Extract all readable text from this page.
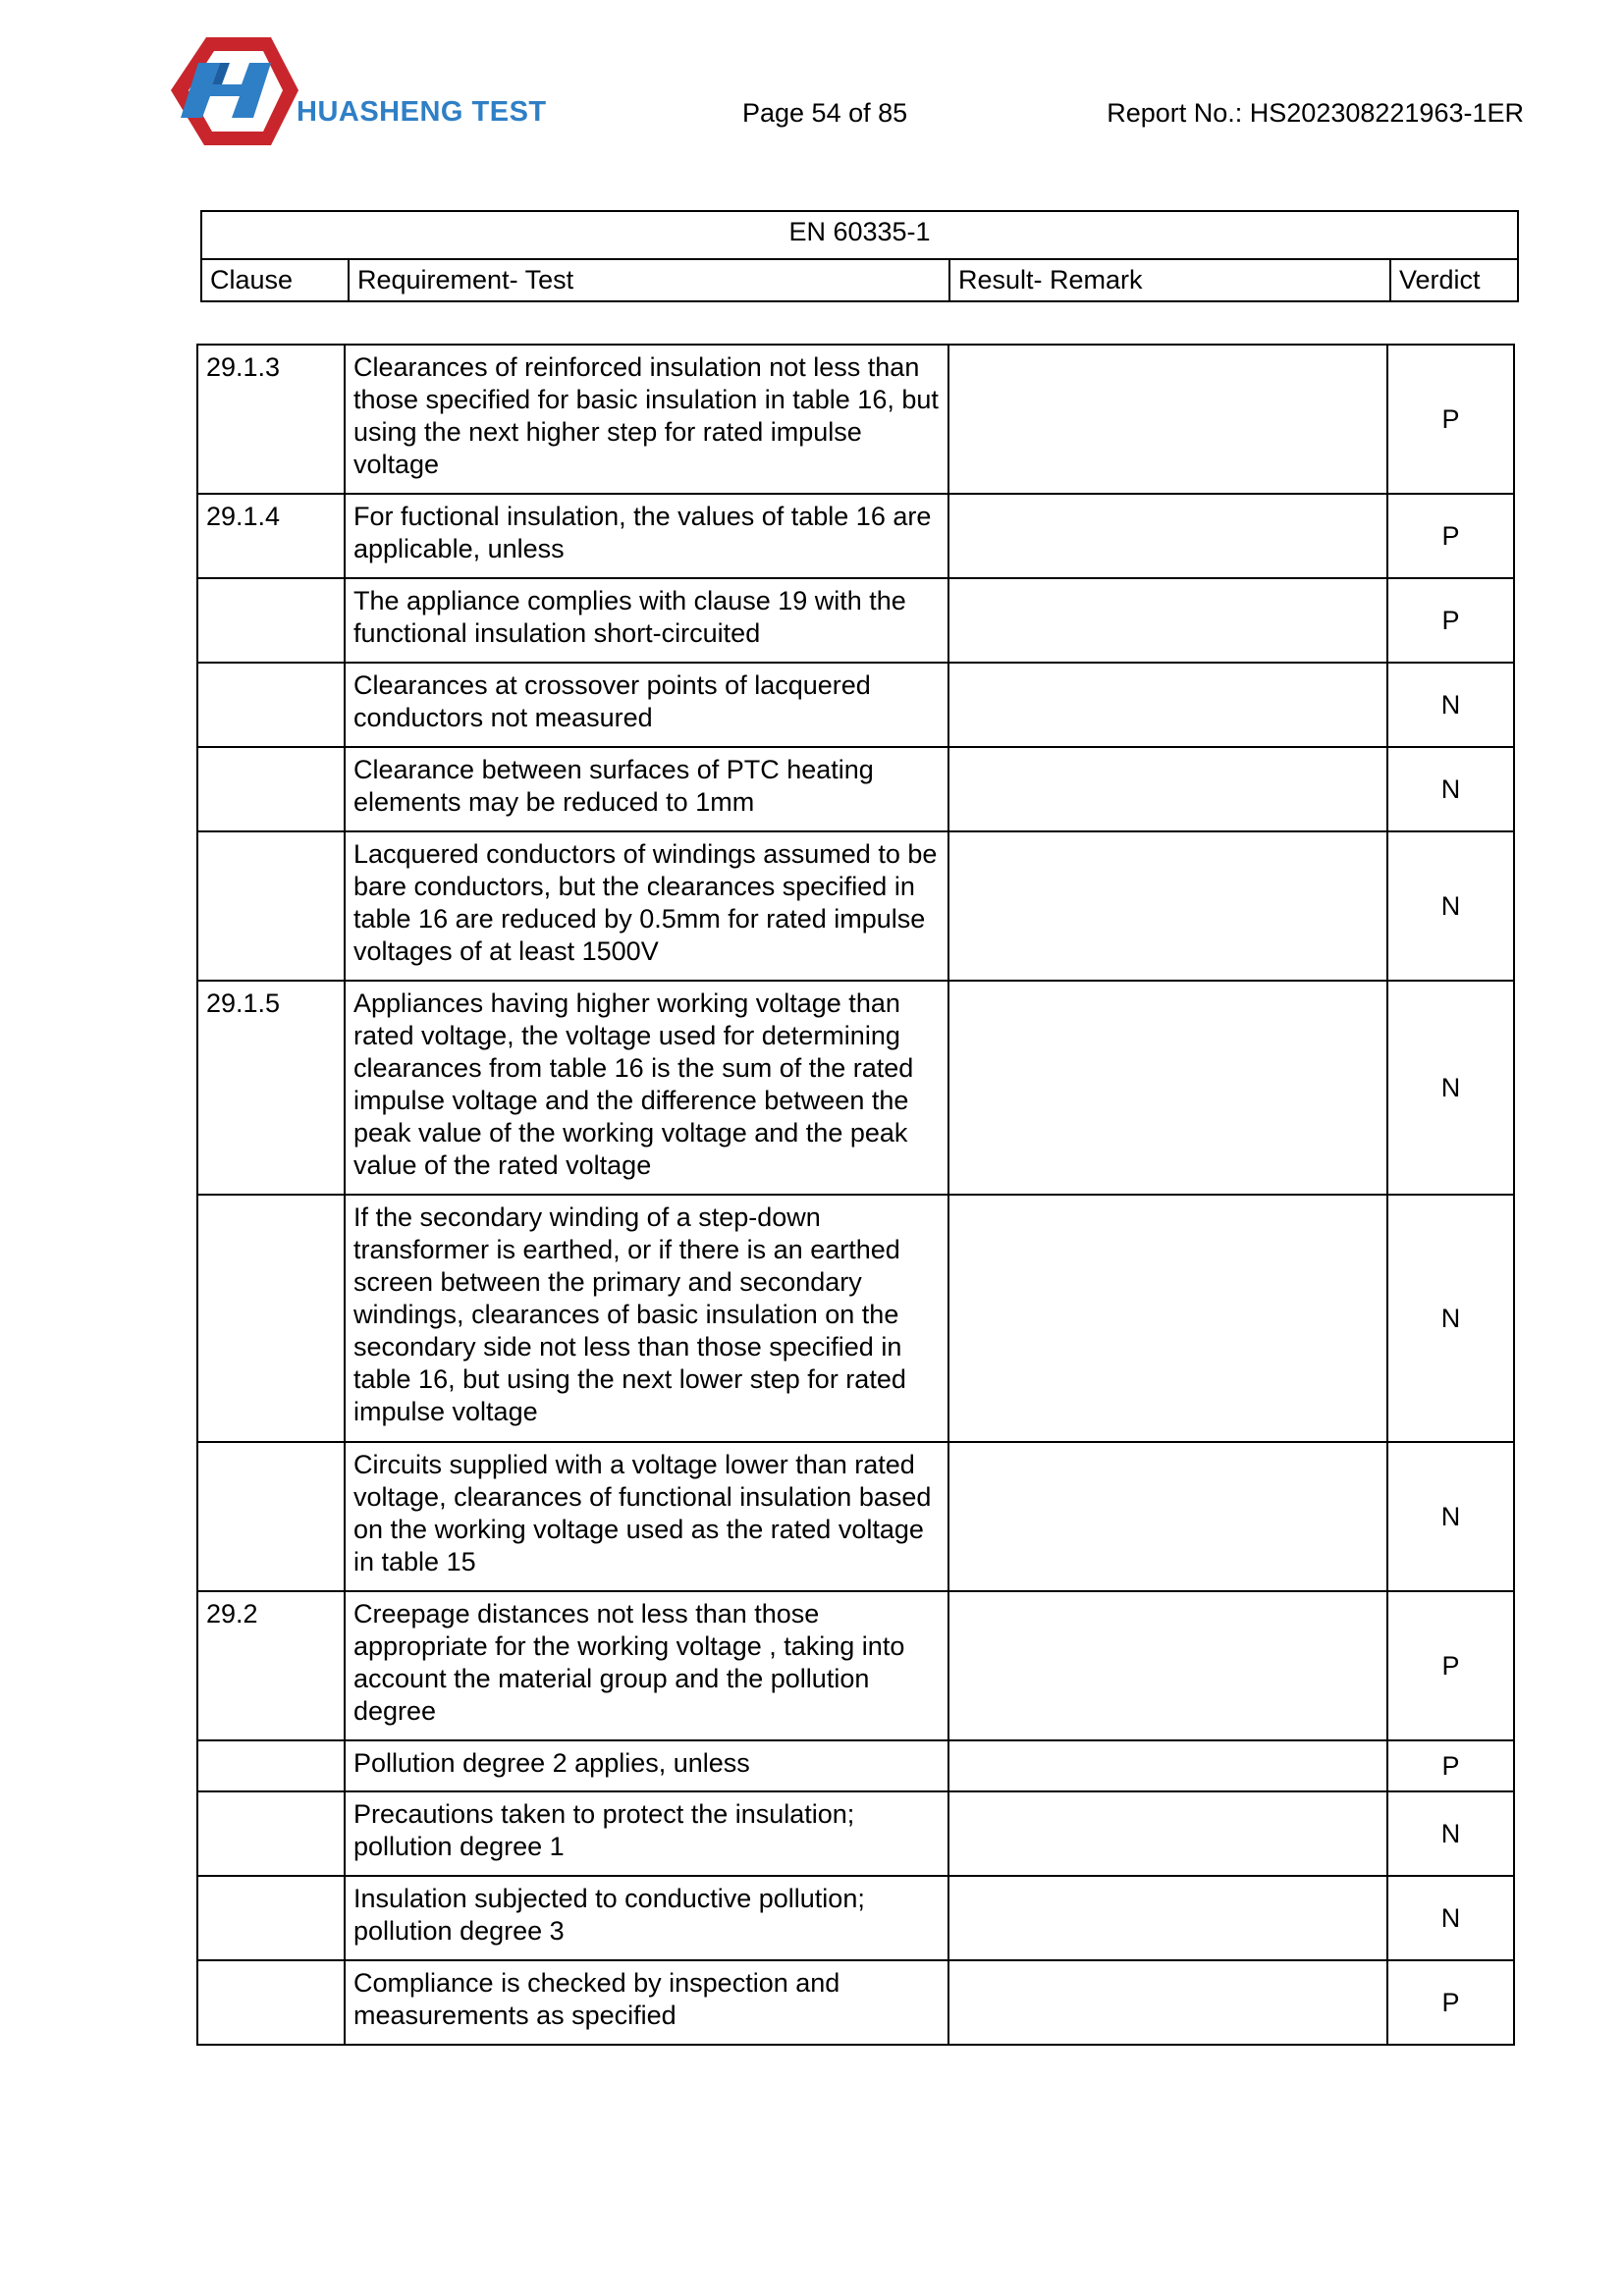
HUASHENG TEST	Page 54 of 85	Report No.: HS202308221963-1ER
EN 60335-1
Clause	Requirement- Test	Result- Remark	Verdict
29.1.3	Clearances of reinforced insulation not less than those specified for basic insulation in table 16, but using the next higher step for rated impulse voltage		P
29.1.4	For fuctional insulation, the values of table 16 are applicable, unless		P
	The appliance complies with clause 19 with the functional insulation short-circuited		P
	Clearances at crossover points of lacquered conductors not measured		N
	Clearance between surfaces of PTC heating elements may be reduced to 1mm		N
	Lacquered conductors of windings assumed to be bare conductors, but the clearances specified in table 16 are reduced by 0.5mm for rated impulse voltages of at least 1500V		N
29.1.5	Appliances having higher working voltage than rated voltage, the voltage used for determining clearances from table 16 is the sum of the rated impulse voltage and the difference between the peak value of the working voltage and the peak value of the rated voltage		N
	If the secondary winding of a step-down transformer is earthed, or if there is an earthed screen between the primary and secondary windings, clearances of basic insulation on the secondary side not less than those specified in table 16, but using the next lower step for rated impulse voltage		N
	Circuits supplied with a voltage lower than rated voltage, clearances of functional insulation based on the working voltage used as the rated voltage in table 15		N
29.2	Creepage distances not less than those appropriate for the working voltage , taking into account the material group and the pollution degree		P
	Pollution degree 2 applies, unless		P
	Precautions taken to protect the insulation; pollution degree 1		N
	Insulation subjected to conductive pollution; pollution degree 3		N
	Compliance is checked by inspection and measurements as specified		P
